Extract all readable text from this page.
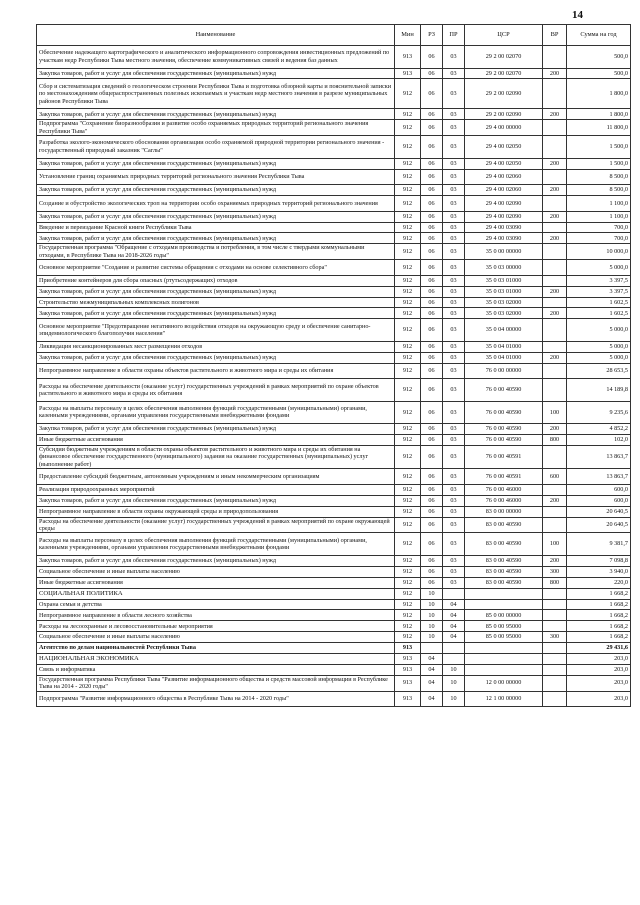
14
Наименование	Мин	РЗ	ПР	ЦСР	ВР	Сумма на год
Обеспечение надежащего картографического и аналитического информационного сопровождения инвестиционных предложений по участкам недр Республики Тыва местного значения, обеспечение коммуникативных связей и ведения баз данных	913	06	03	29 2 00 02070		500,0
Закупка товаров, работ и услуг для обеспечения государственных (муниципальных) нужд	913	06	03	29 2 00 02070	200	500,0
Сбор и систематизация сведений о геологическом строении Республики Тыва и подготовка обзорной карты и пояснительной записки по местонахождениям общераспространенных полезных ископаемых и участкам недр местного значения в разрезе муниципальных районов Республики Тыва	912	06	03	29 2 00 02090		1 800,0
Закупка товаров, работ и услуг для обеспечения государственных (муниципальных) нужд	912	06	03	29 2 00 02090	200	1 800,0
Подпрограмма "Сохранение биоразнообразия и развитие особо охраняемых природных территорий регионального значения Республики Тыва"	912	06	03	29 4 00 00000		11 800,0
Разработка эколого-экономического обоснования организации особо охраняемой природной территории регионального значения - государственный природный заказник "Саглы"	912	06	03	29 4 00 02050		1 500,0
Закупка товаров, работ и услуг для обеспечения государственных (муниципальных) нужд	912	06	03	29 4 00 02050	200	1 500,0
Установление границ охраняемых природных территорий регионального значения Республики Тыва	912	06	03	29 4 00 02060		8 500,0
Закупка товаров, работ и услуг для обеспечения государственных (муниципальных) нужд	912	06	03	29 4 00 02060	200	8 500,0
Создание и обустройство экологических троп на территории особо охраняемых природных территорий регионального значения	912	06	03	29 4 00 02090		1 100,0
Закупка товаров, работ и услуг для обеспечения государственных (муниципальных) нужд	912	06	03	29 4 00 02090	200	1 100,0
Введение и переиздание Красной книги Республики Тыва	912	06	03	29 4 00 03090		700,0
Закупка товаров, работ и услуг для обеспечения государственных (муниципальных) нужд	912	06	03	29 4 00 03090	200	700,0
Государственная программа "Обращение с отходами производства и потребления, в том числе с твердыми коммунальными отходами, в Республике Тыва на 2018-2026 годы"	912	06	03	35 0 00 00000		10 000,0
Основное мероприятие "Создание и развитие системы обращения с отходами на основе селективного сбора"	912	06	03	35 0 03 00000		5 000,0
Приобретение контейнеров для сбора опасных (ртутьсодержащих) отходов	912	06	03	35 0 03 01000		3 397,5
Закупка товаров, работ и услуг для обеспечения государственных (муниципальных) нужд	912	06	03	35 0 03 01000	200	3 397,5
Строительство межмуниципальных комплексных полигонов	912	06	03	35 0 03 02000		1 602,5
Закупка товаров, работ и услуг для обеспечения государственных (муниципальных) нужд	912	06	03	35 0 03 02000	200	1 602,5
Основное мероприятие "Предотвращение негативного воздействия отходов на окружающую среду и обеспечение санитарно-эпидемиологического благополучия населения"	912	06	03	35 0 04 00000		5 000,0
Ликвидация несанкционированных мест размещения отходов	912	06	03	35 0 04 01000		5 000,0
Закупка товаров, работ и услуг для обеспечения государственных (муниципальных) нужд	912	06	03	35 0 04 01000	200	5 000,0
Непрограммное направление в области охраны объектов растительного и животного мира и среды их обитания	912	06	03	76 0 00 00000		28 653,5
Расходы на обеспечение деятельности (оказание услуг) государственных учреждений в рамках мероприятий по охране объектов растительного и животного мира и среды их обитания	912	06	03	76 0 00 40590		14 189,8
Расходы на выплаты персоналу в целях обеспечения выполнения функций государственными (муниципальными) органами, казенными учреждениями, органами управления государственными внебюджетными фондами	912	06	03	76 0 00 40590	100	9 235,6
Закупка товаров, работ и услуг для обеспечения государственных (муниципальных) нужд	912	06	03	76 0 00 40590	200	4 852,2
Иные бюджетные ассигнования	912	06	03	76 0 00 40590	800	102,0
Субсидии бюджетным учреждениям в области охраны объектов растительного и животного мира и среды их обитания на финансовое обеспечение государственного (муниципального) задания на оказание государственных (муниципальных) услуг (выполнение работ)	912	06	03	76 0 00 40591		13 863,7
Предоставление субсидий бюджетным, автономным учреждениям и иным некоммерческим организациям	912	06	03	76 0 00 40591	600	13 863,7
Реализация природоохранных мероприятий	912	06	03	76 0 00 46000		600,0
Закупка товаров, работ и услуг для обеспечения государственных (муниципальных) нужд	912	06	03	76 0 00 46000	200	600,0
Непрограммное направление в области охраны окружающей среды и природопользования	912	06	03	83 0 00 00000		20 640,5
Расходы на обеспечение деятельности (оказание услуг) государственных учреждений в рамках мероприятий по охране окружающей среды	912	06	03	83 0 00 40590		20 640,5
Расходы на выплаты персоналу в целях обеспечения выполнения функций государственными (муниципальными) органами, казенными учреждениями, органами управления государственными внебюджетными фондами	912	06	03	83 0 00 40590	100	9 381,7
Закупка товаров, работ и услуг для обеспечения государственных (муниципальных) нужд	912	06	03	83 0 00 40590	200	7 098,8
Социальное обеспечение и иные выплаты населению	912	06	03	83 0 00 40590	300	3 940,0
Иные бюджетные ассигнования	912	06	03	83 0 00 40590	800	220,0
СОЦИАЛЬНАЯ ПОЛИТИКА	912	10				1 668,2
Охрана семьи и детства	912	10	04			1 668,2
Непрограммное направление в области лесного хозяйства	912	10	04	85 0 00 00000		1 668,2
Расходы на лесоохранные и лесовосстановительные мероприятия	912	10	04	85 0 00 95000		1 668,2
Социальное обеспечение и иные выплаты населению	912	10	04	85 0 00 95000	300	1 668,2
Агентство по делам национальностей Республики Тыва	913					29 431,6
НАЦИОНАЛЬНАЯ ЭКОНОМИКА	913	04				203,0
Связь и информатика	913	04	10			203,0
Государственная программа Республики Тыва "Развитие информационного общества и средств массовой информации в Республике Тыва на 2014 - 2020 годы"	913	04	10	12 0 00 00000		203,0
Подпрограмма "Развитие информационного общества в Республике Тыва на 2014 - 2020 годы"	913	04	10	12 1 00 00000		203,0
